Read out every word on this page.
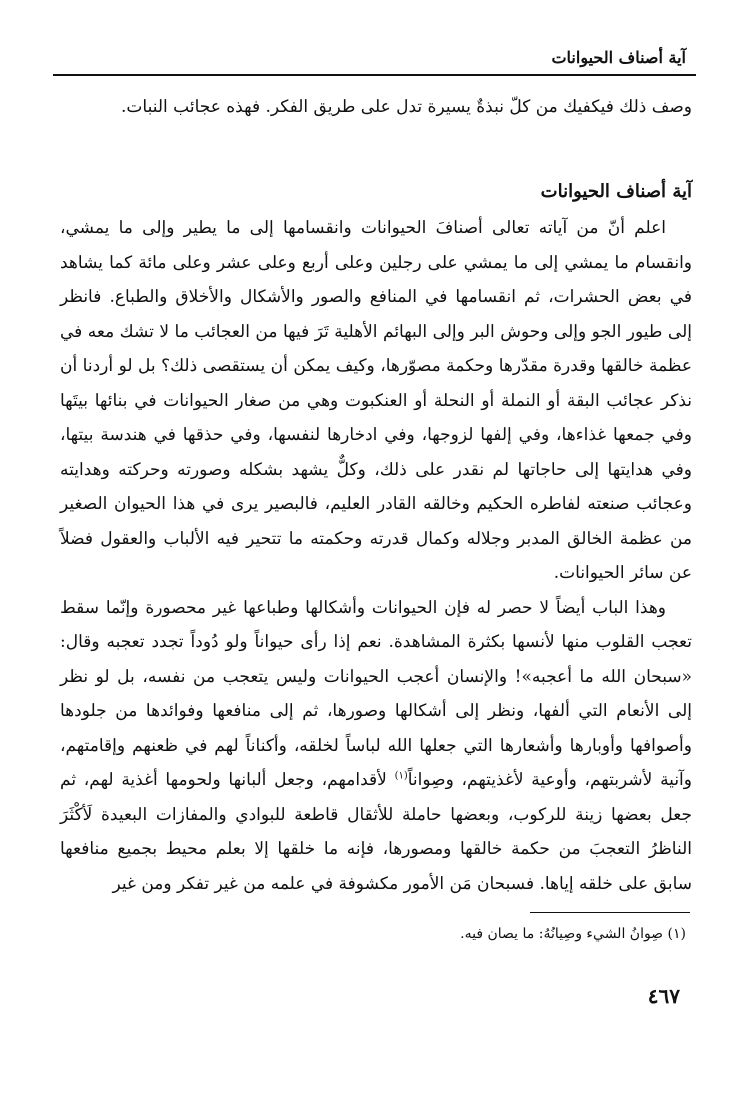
آية أصناف الحيوانات

وصف ذلك فيكفيك من كلّ نبذةٌ يسيرة تدل على طريق الفكر. فهذه عجائب النبات.

آية أصناف الحيوانات

اعلم أنّ من آياته تعالى أصنافَ الحيوانات وانقسامها إلى ما يطير وإلى ما يمشي، وانقسام ما يمشي إلى ما يمشي على رجلين وعلى أربع وعلى عشر وعلى مائة كما يشاهد في بعض الحشرات، ثم انقسامها في المنافع والصور والأشكال والأخلاق والطباع. فانظر إلى طيور الجو وإلى وحوش البر وإلى البهائم الأهلية تَرَ فيها من العجائب ما لا تشك معه في عظمة خالقها وقدرة مقدّرها وحكمة مصوّرها، وكيف يمكن أن يستقصى ذلك؟ بل لو أردنا أن نذكر عجائب البقة أو النملة أو النحلة أو العنكبوت وهي من صغار الحيوانات في بنائها بيتَها وفي جمعها غذاءها، وفي إلفها لزوجها، وفي ادخارها لنفسها، وفي حذقها في هندسة بيتها، وفي هدايتها إلى حاجاتها لم نقدر على ذلك، وكلٌّ يشهد بشكله وصورته وحركته وهدايته وعجائب صنعته لفاطره الحكيم وخالقه القادر العليم، فالبصير يرى في هذا الحيوان الصغير من عظمة الخالق المدبر وجلاله وكمال قدرته وحكمته ما تتحير فيه الألباب والعقول فضلاً عن سائر الحيوانات.

وهذا الباب أيضاً لا حصر له فإن الحيوانات وأشكالها وطباعها غير محصورة وإنّما سقط تعجب القلوب منها لأنسها بكثرة المشاهدة. نعم إذا رأى حيواناً ولو دُوداً تجدد تعجبه وقال: «سبحان الله ما أعجبه»! والإنسان أعجب الحيوانات وليس يتعجب من نفسه، بل لو نظر إلى الأنعام التي ألفها، ونظر إلى أشكالها وصورها، ثم إلى منافعها وفوائدها من جلودها وأصوافها وأوبارها وأشعارها التي جعلها الله لباساً لخلقه، وأكناناً لهم في ظعنهم وإقامتهم، وآنية لأشربتهم، وأوعية لأغذيتهم، وصِواناً$^{(١)}$ لأقدامهم، وجعل ألبانها ولحومها أغذية لهم، ثم جعل بعضها زينة للركوب، وبعضها حاملة للأثقال قاطعة للبوادي والمفازات البعيدة لَأكْثَرَ الناظرُ التعجبَ من حكمة خالقها ومصورها، فإنه ما خلقها إلا بعلم محيط بجميع منافعها سابق على خلقه إياها. فسبحان مَن الأمور مكشوفة في علمه من غير تفكر ومن غير

(١) صِوانُ الشيء وصِيانُهُ: ما يصان فيه.

٤٦٧
